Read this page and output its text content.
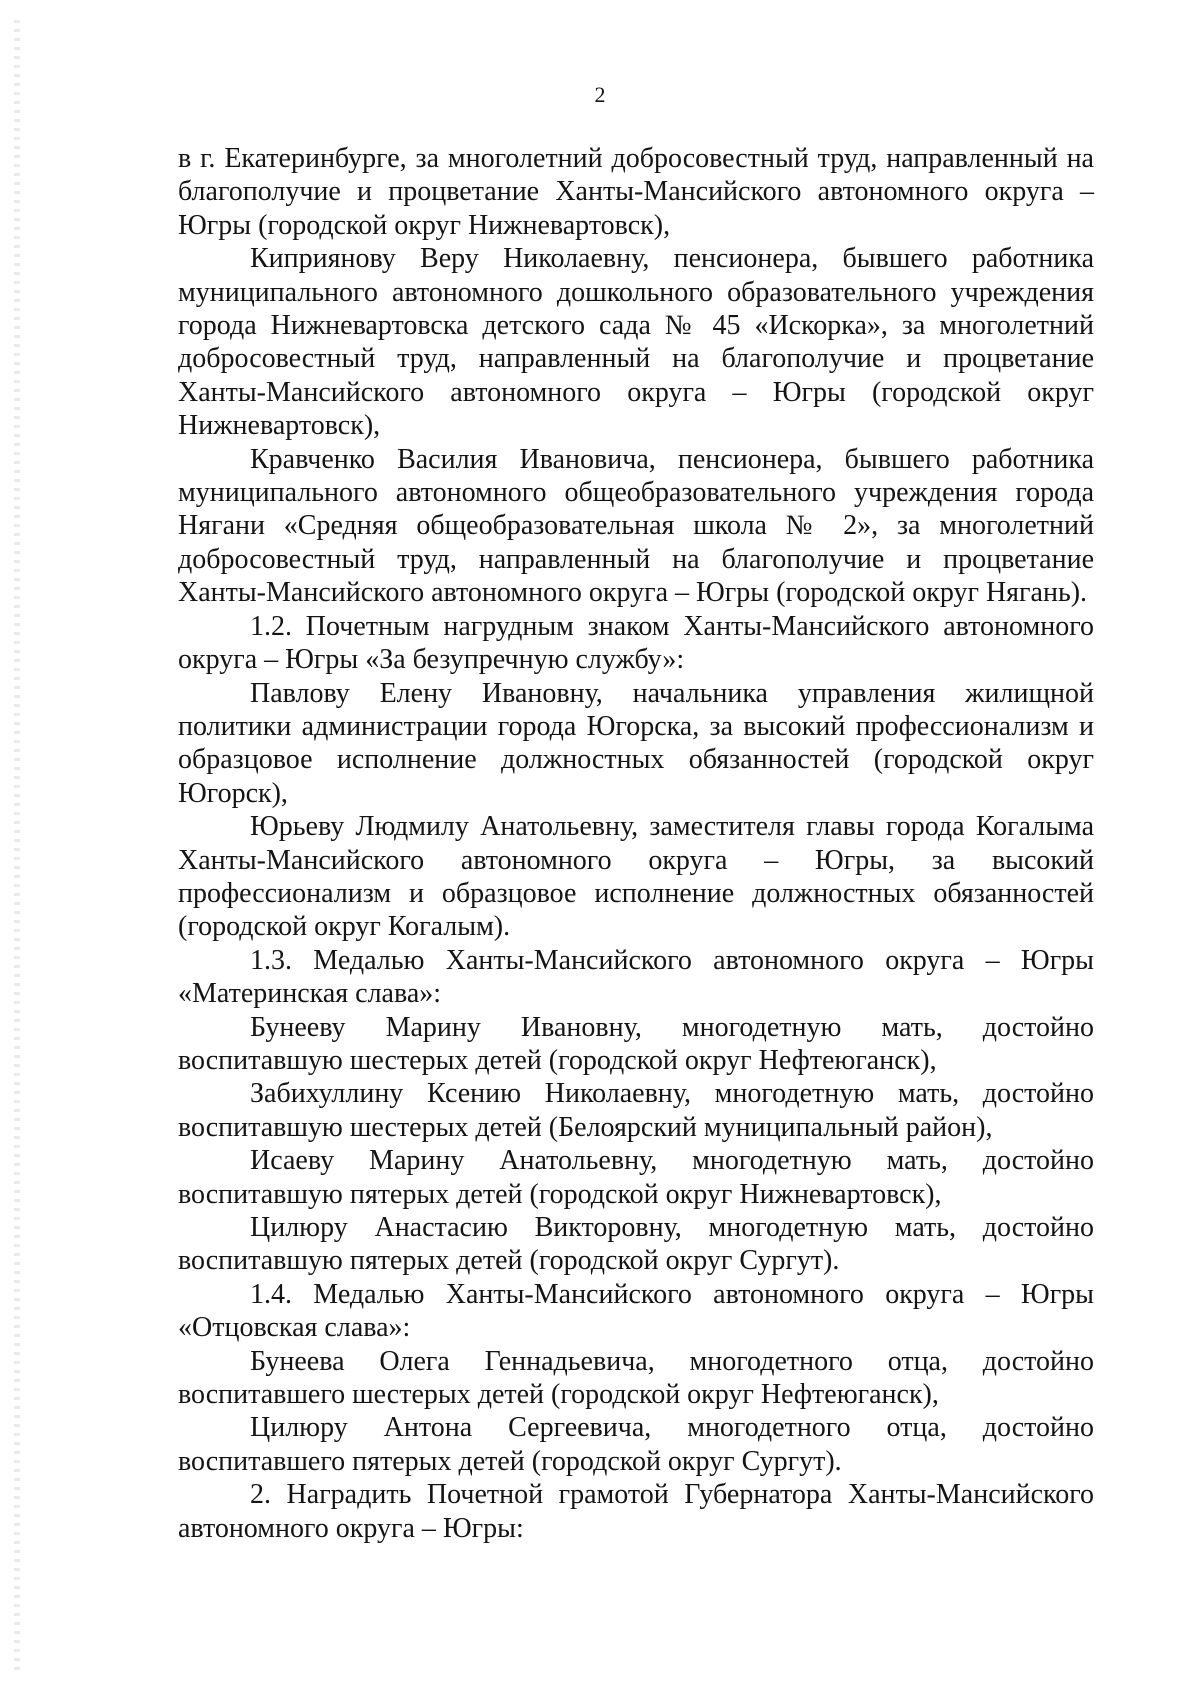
2

в г. Екатеринбурге, за многолетний добросовестный труд, направленный на благополучие и процветание Ханты-Мансийского автономного округа – Югры (городской округ Нижневартовск),

Киприянову Веру Николаевну, пенсионера, бывшего работника муниципального автономного дошкольного образовательного учреждения города Нижневартовска детского сада № 45 «Искорка», за многолетний добросовестный труд, направленный на благополучие и процветание Ханты-Мансийского автономного округа – Югры (городской округ Нижневартовск),

Кравченко Василия Ивановича, пенсионера, бывшего работника муниципального автономного общеобразовательного учреждения города Нягани «Средняя общеобразовательная школа № 2», за многолетний добросовестный труд, направленный на благополучие и процветание Ханты-Мансийского автономного округа – Югры (городской округ Нягань).

1.2. Почетным нагрудным знаком Ханты-Мансийского автономного округа – Югры «За безупречную службу»:

Павлову Елену Ивановну, начальника управления жилищной политики администрации города Югорска, за высокий профессионализм и образцовое исполнение должностных обязанностей (городской округ Югорск),

Юрьеву Людмилу Анатольевну, заместителя главы города Когалыма Ханты-Мансийского автономного округа – Югры, за высокий профессионализм и образцовое исполнение должностных обязанностей (городской округ Когалым).

1.3. Медалью Ханты-Мансийского автономного округа – Югры «Материнская слава»:

Бунееву Марину Ивановну, многодетную мать, достойно воспитавшую шестерых детей (городской округ Нефтеюганск),

Забихуллину Ксению Николаевну, многодетную мать, достойно воспитавшую шестерых детей (Белоярский муниципальный район),

Исаеву Марину Анатольевну, многодетную мать, достойно воспитавшую пятерых детей (городской округ Нижневартовск),

Цилюру Анастасию Викторовну, многодетную мать, достойно воспитавшую пятерых детей (городской округ Сургут).

1.4. Медалью Ханты-Мансийского автономного округа – Югры «Отцовская слава»:

Бунеева Олега Геннадьевича, многодетного отца, достойно воспитавшего шестерых детей (городской округ Нефтеюганск),

Цилюру Антона Сергеевича, многодетного отца, достойно воспитавшего пятерых детей (городской округ Сургут).

2. Наградить Почетной грамотой Губернатора Ханты-Мансийского автономного округа – Югры:
